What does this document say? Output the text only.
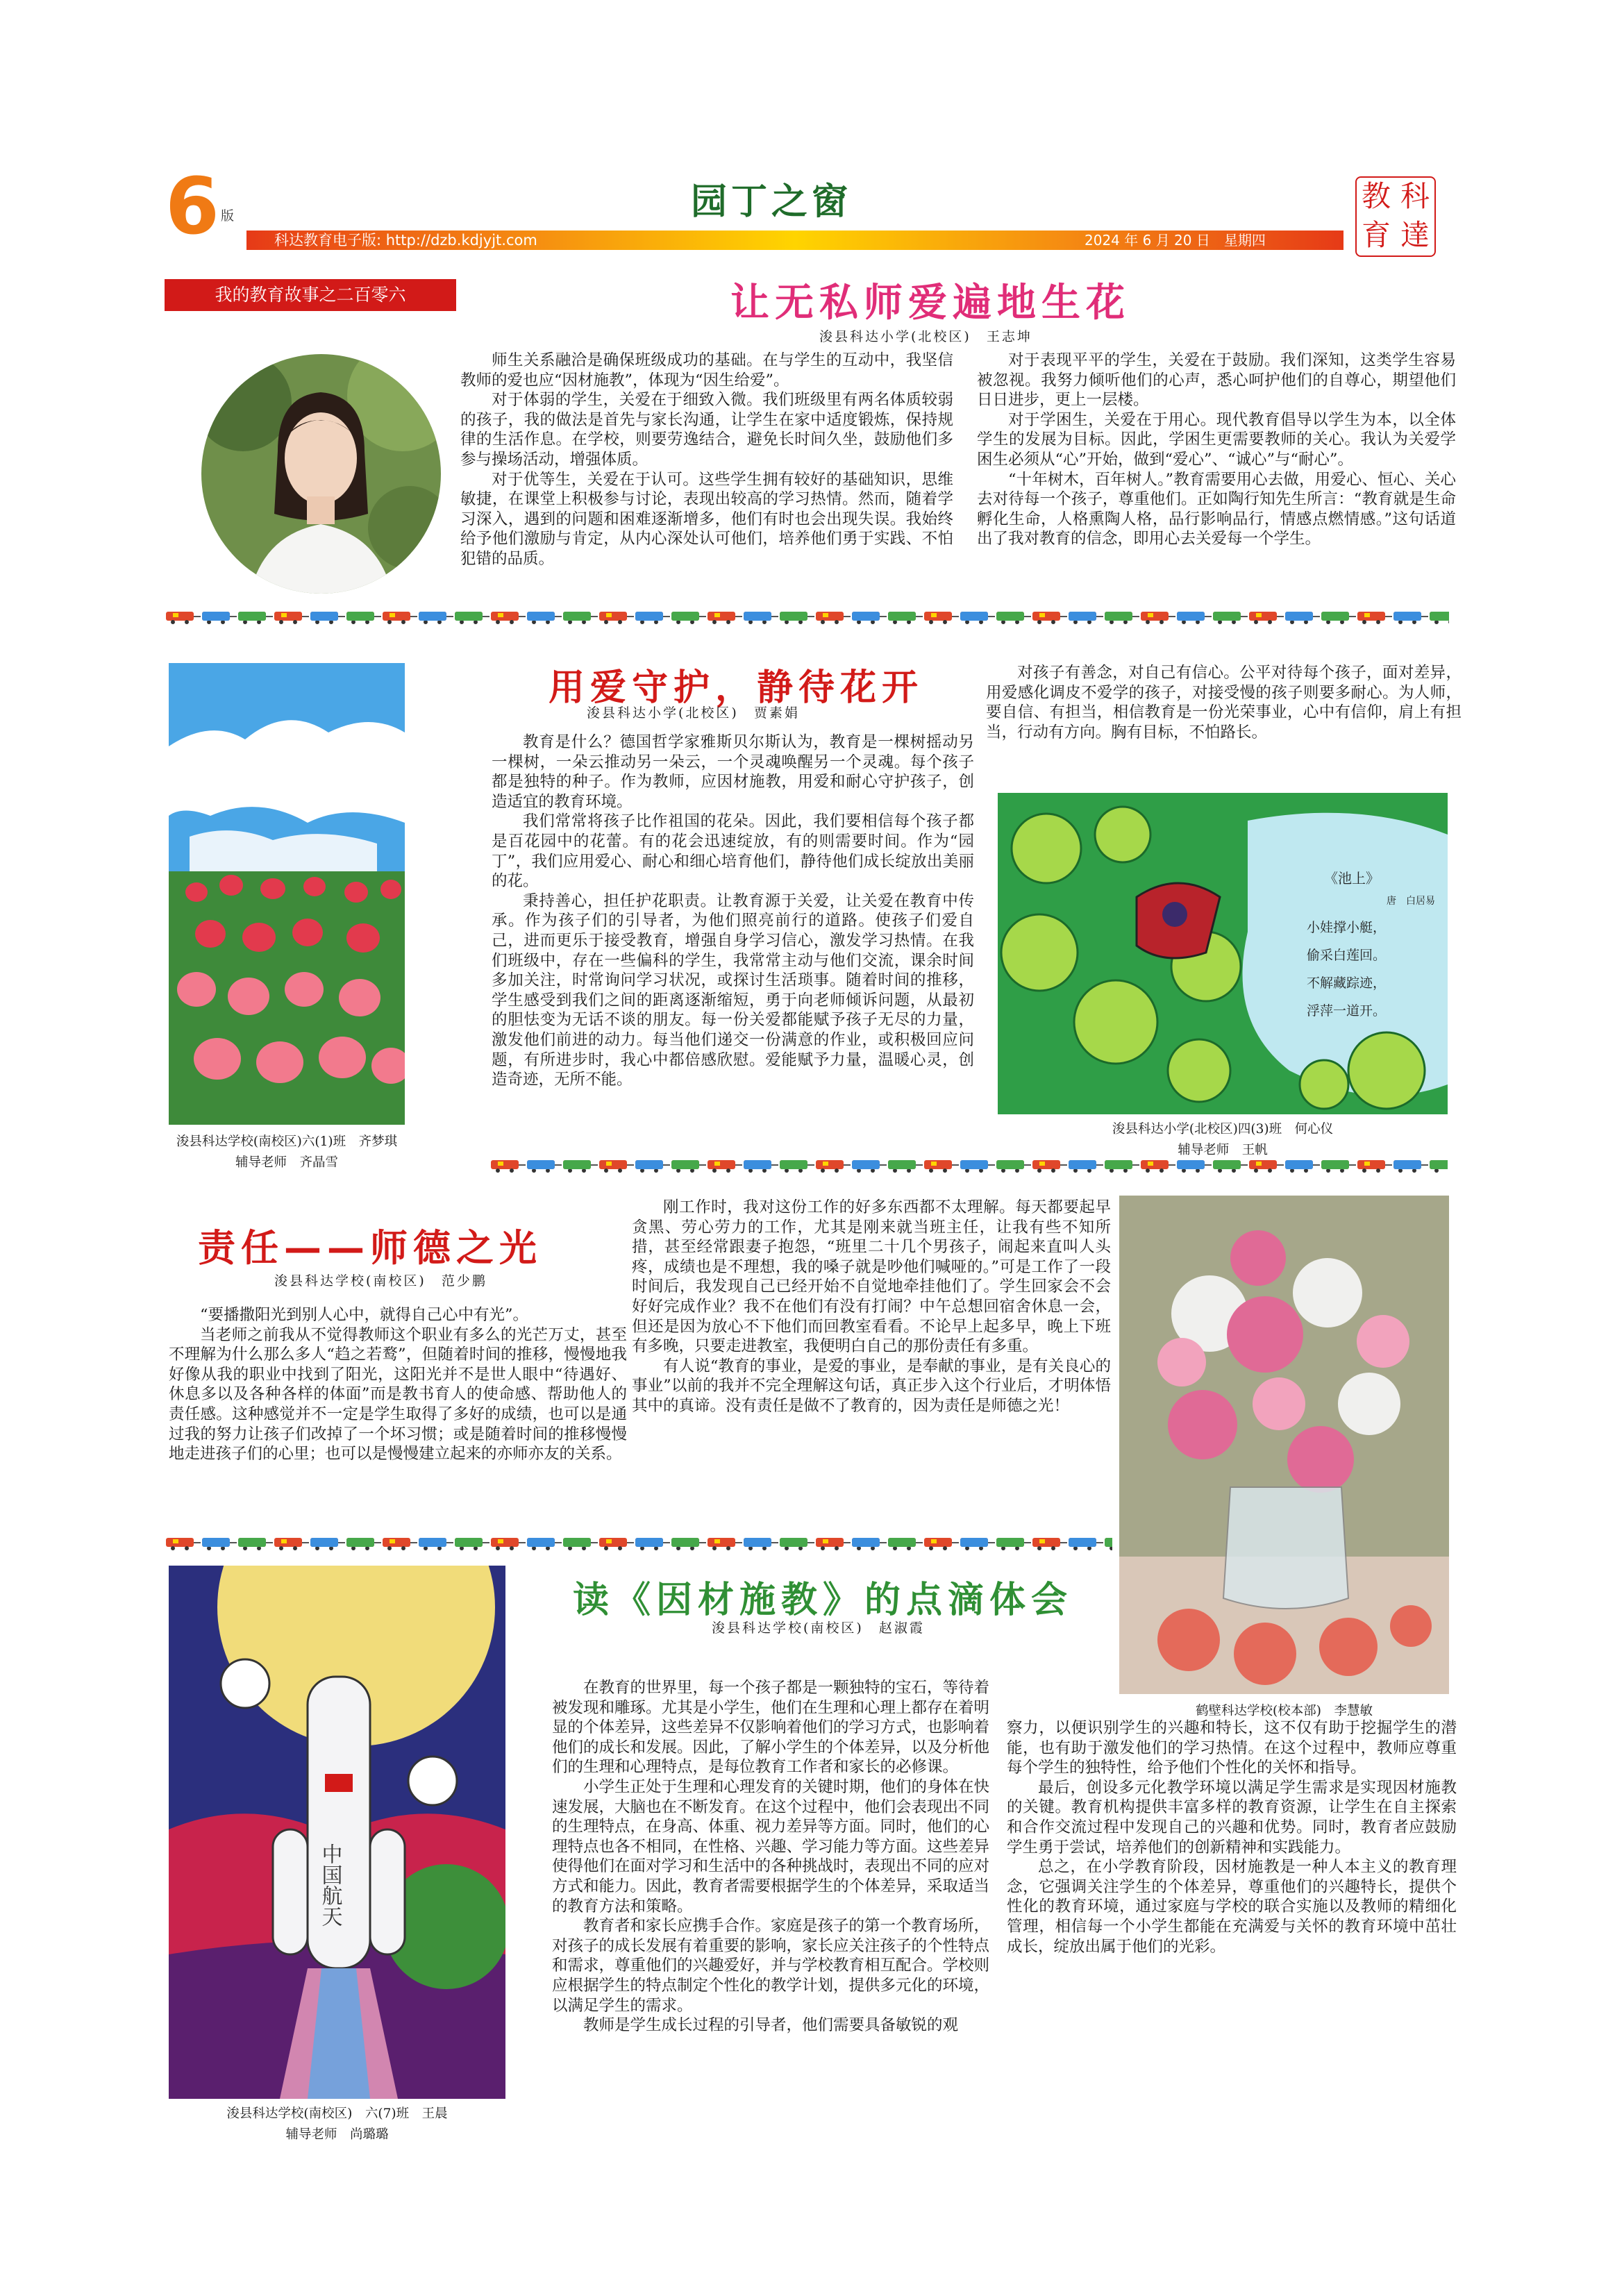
6 版	园丁之窗
科达教育电子版: http://dzb.kdjyjt.com	2024 年 6 月 20 日　星期四
教 科
育 達
我的教育故事之二百零六	让无私师爱遍地生花
浚县科达小学(北校区)　王志坤

师生关系融洽是确保班级成功的基础。在与学生的互动中，我坚信教师的爱也应“因材施教”，体现为“因生给爱”。

对于体弱的学生，关爱在于细致入微。我们班级里有两名体质较弱的孩子，我的做法是首先与家长沟通，让学生在家中适度锻炼，保持规律的生活作息。在学校，则要劳逸结合，避免长时间久坐，鼓励他们多参与操场活动，增强体质。

对于优等生，关爱在于认可。这些学生拥有较好的基础知识，思维敏捷，在课堂上积极参与讨论，表现出较高的学习热情。然而，随着学习深入，遇到的问题和困难逐渐增多，他们有时也会出现失误。我始终给予他们激励与肯定，从内心深处认可他们，培养他们勇于实践、不怕犯错的品质。

对于表现平平的学生，关爱在于鼓励。我们深知，这类学生容易被忽视。我努力倾听他们的心声，悉心呵护他们的自尊心，期望他们日日进步，更上一层楼。

对于学困生，关爱在于用心。现代教育倡导以学生为本，以全体学生的发展为目标。因此，学困生更需要教师的关心。我认为关爱学困生必须从“心”开始，做到“爱心”、“诚心”与“耐心”。

“十年树木，百年树人。”教育需要用心去做，用爱心、恒心、关心去对待每一个孩子，尊重他们。正如陶行知先生所言：“教育就是生命孵化生命，人格熏陶人格，品行影响品行，情感点燃情感。”这句话道出了我对教育的信念，即用心去关爱每一个学生。

浚县科达学校(南校区)六(1)班　齐梦琪
辅导老师　齐晶雪
用爱守护，静待花开
浚县科达小学(北校区)　贾素娟

教育是什么？德国哲学家雅斯贝尔斯认为，教育是一棵树摇动另一棵树，一朵云推动另一朵云，一个灵魂唤醒另一个灵魂。每个孩子都是独特的种子。作为教师，应因材施教，用爱和耐心守护孩子，创造适宜的教育环境。

我们常常将孩子比作祖国的花朵。因此，我们要相信每个孩子都是百花园中的花蕾。有的花会迅速绽放，有的则需要时间。作为“园丁”，我们应用爱心、耐心和细心培育他们，静待他们成长绽放出美丽的花。

秉持善心，担任护花职责。让教育源于关爱，让关爱在教育中传承。作为孩子们的引导者，为他们照亮前行的道路。使孩子们爱自己，进而更乐于接受教育，增强自身学习信心，激发学习热情。在我们班级中，存在一些偏科的学生，我常常主动与他们交流，课余时间多加关注，时常询问学习状况，或探讨生活琐事。随着时间的推移，学生感受到我们之间的距离逐渐缩短，勇于向老师倾诉问题，从最初的胆怯变为无话不谈的朋友。每一份关爱都能赋予孩子无尽的力量，激发他们前进的动力。每当他们递交一份满意的作业，或积极回应问题，有所进步时，我心中都倍感欣慰。爱能赋予力量，温暖心灵，创造奇迹，无所不能。

对孩子有善念，对自己有信心。公平对待每个孩子，面对差异，用爱感化调皮不爱学的孩子，对接受慢的孩子则要多耐心。为人师，要自信、有担当，相信教育是一份光荣事业，心中有信仰，肩上有担当，行动有方向。胸有目标，不怕路长。

《池上》
唐　白居易
小娃撑小艇，
偷采白莲回。
不解藏踪迹，
浮萍一道开。
浚县科达小学(北校区)四(3)班　何心仪
辅导老师　王帆
责任——师德之光
浚县科达学校(南校区)　范少鹏

“要播撒阳光到别人心中，就得自己心中有光”。

当老师之前我从不觉得教师这个职业有多么的光芒万丈，甚至不理解为什么那么多人“趋之若鹜”，但随着时间的推移，慢慢地我好像从我的职业中找到了阳光，这阳光并不是世人眼中“待遇好、休息多以及各种各样的体面”而是教书育人的使命感、帮助他人的责任感。这种感觉并不一定是学生取得了多好的成绩，也可以是通过我的努力让孩子们改掉了一个坏习惯；或是随着时间的推移慢慢地走进孩子们的心里；也可以是慢慢建立起来的亦师亦友的关系。

刚工作时，我对这份工作的好多东西都不太理解。每天都要起早贪黑、劳心劳力的工作，尤其是刚来就当班主任，让我有些不知所措，甚至经常跟妻子抱怨，“班里二十几个男孩子，闹起来直叫人头疼，成绩也是不理想，我的嗓子就是吵他们喊哑的。”可是工作了一段时间后，我发现自己已经开始不自觉地牵挂他们了。学生回家会不会好好完成作业？我不在他们有没有打闹？中午总想回宿舍休息一会，但还是因为放心不下他们而回教室看看。不论早上起多早，晚上下班有多晚，只要走进教室，我便明白自己的那份责任有多重。

有人说“教育的事业，是爱的事业，是奉献的事业，是有关良心的事业”以前的我并不完全理解这句话，真正步入这个行业后，才明体悟其中的真谛。没有责任是做不了教育的，因为责任是师德之光！

鹤壁科达学校(校本部)　李慧敏
中国航天
浚县科达学校(南校区)　六(7)班　王晨
辅导老师　尚璐璐
读《因材施教》的点滴体会
浚县科达学校(南校区)　赵淑霞

在教育的世界里，每一个孩子都是一颗独特的宝石，等待着被发现和雕琢。尤其是小学生，他们在生理和心理上都存在着明显的个体差异，这些差异不仅影响着他们的学习方式，也影响着他们的成长和发展。因此，了解小学生的个体差异，以及分析他们的生理和心理特点，是每位教育工作者和家长的必修课。

小学生正处于生理和心理发育的关键时期，他们的身体在快速发展，大脑也在不断发育。在这个过程中，他们会表现出不同的生理特点，在身高、体重、视力差异等方面。同时，他们的心理特点也各不相同，在性格、兴趣、学习能力等方面。这些差异使得他们在面对学习和生活中的各种挑战时，表现出不同的应对方式和能力。因此，教育者需要根据学生的个体差异，采取适当的教育方法和策略。

教育者和家长应携手合作。家庭是孩子的第一个教育场所，对孩子的成长发展有着重要的影响，家长应关注孩子的个性特点和需求，尊重他们的兴趣爱好，并与学校教育相互配合。学校则应根据学生的特点制定个性化的教学计划，提供多元化的环境，以满足学生的需求。

教师是学生成长过程的引导者，他们需要具备敏锐的观

察力，以便识别学生的兴趣和特长，这不仅有助于挖掘学生的潜能，也有助于激发他们的学习热情。在这个过程中，教师应尊重每个学生的独特性，给予他们个性化的关怀和指导。

最后，创设多元化教学环境以满足学生需求是实现因材施教的关键。教育机构提供丰富多样的教育资源，让学生在自主探索和合作交流过程中发现自己的兴趣和优势。同时，教育者应鼓励学生勇于尝试，培养他们的创新精神和实践能力。

总之，在小学教育阶段，因材施教是一种人本主义的教育理念，它强调关注学生的个体差异，尊重他们的兴趣特长，提供个性化的教育环境，通过家庭与学校的联合实施以及教师的精细化管理，相信每一个小学生都能在充满爱与关怀的教育环境中茁壮成长，绽放出属于他们的光彩。
